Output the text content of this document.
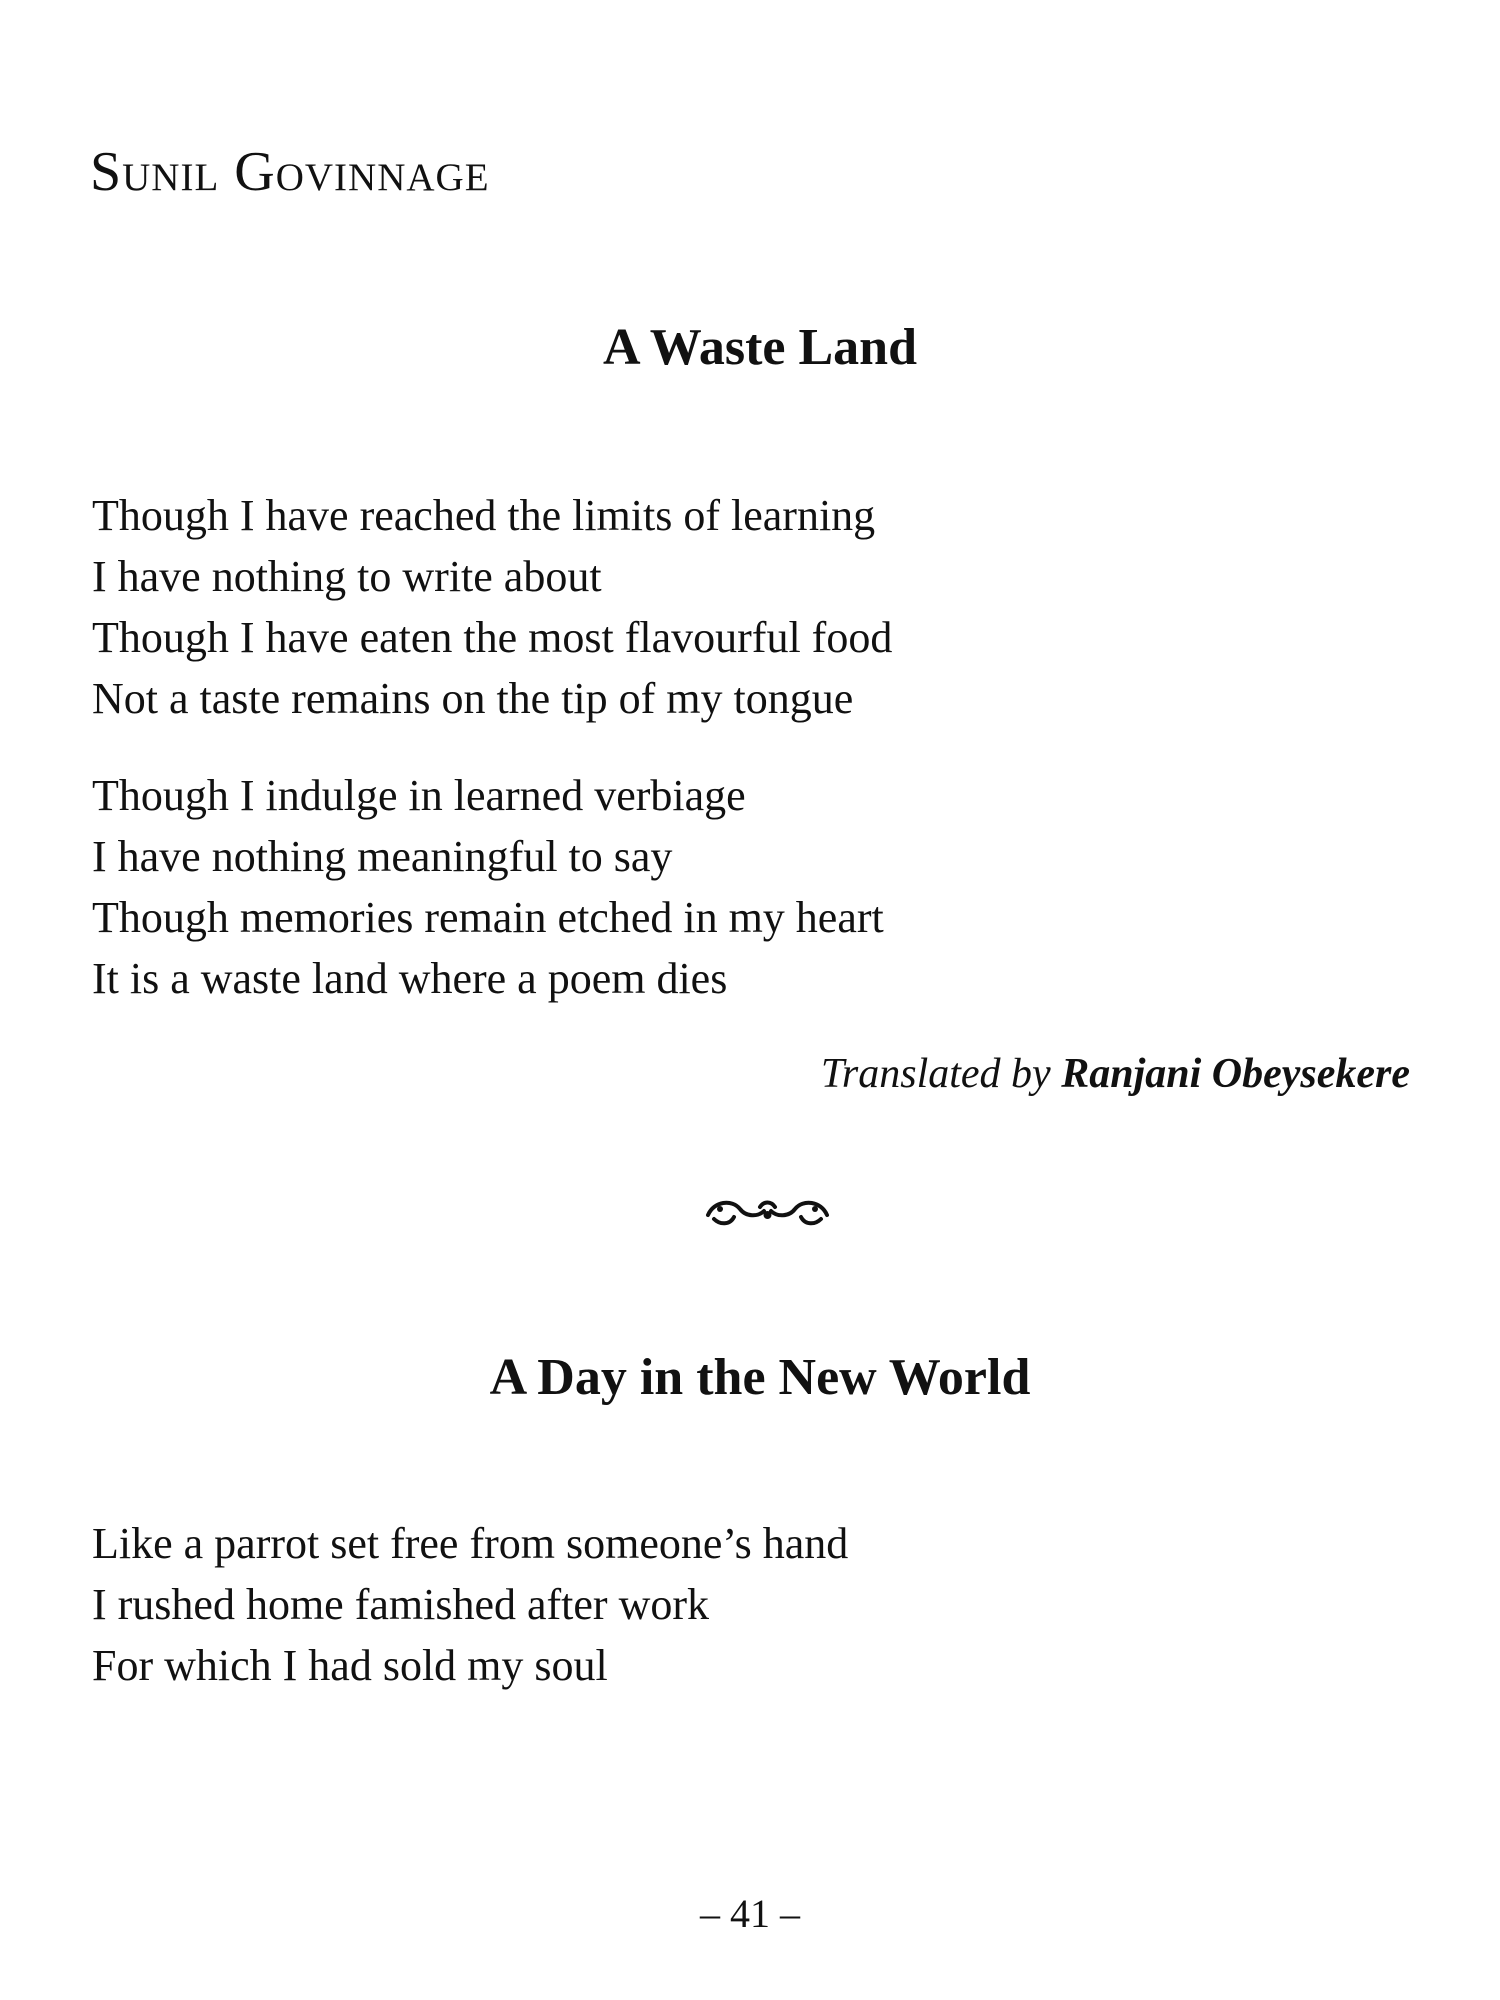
Sunil Govinnage
A Waste Land
Though I have reached the limits of learning
I have nothing to write about
Though I have eaten the most flavourful food
Not a taste remains on the tip of my tongue
Though I indulge in learned verbiage
I have nothing meaningful to say
Though memories remain etched in my heart
It is a waste land where a poem dies
Translated by Ranjani Obeysekere
A Day in the New World
Like a parrot set free from someone’s hand
I rushed home famished after work
For which I had sold my soul
– 41 –
